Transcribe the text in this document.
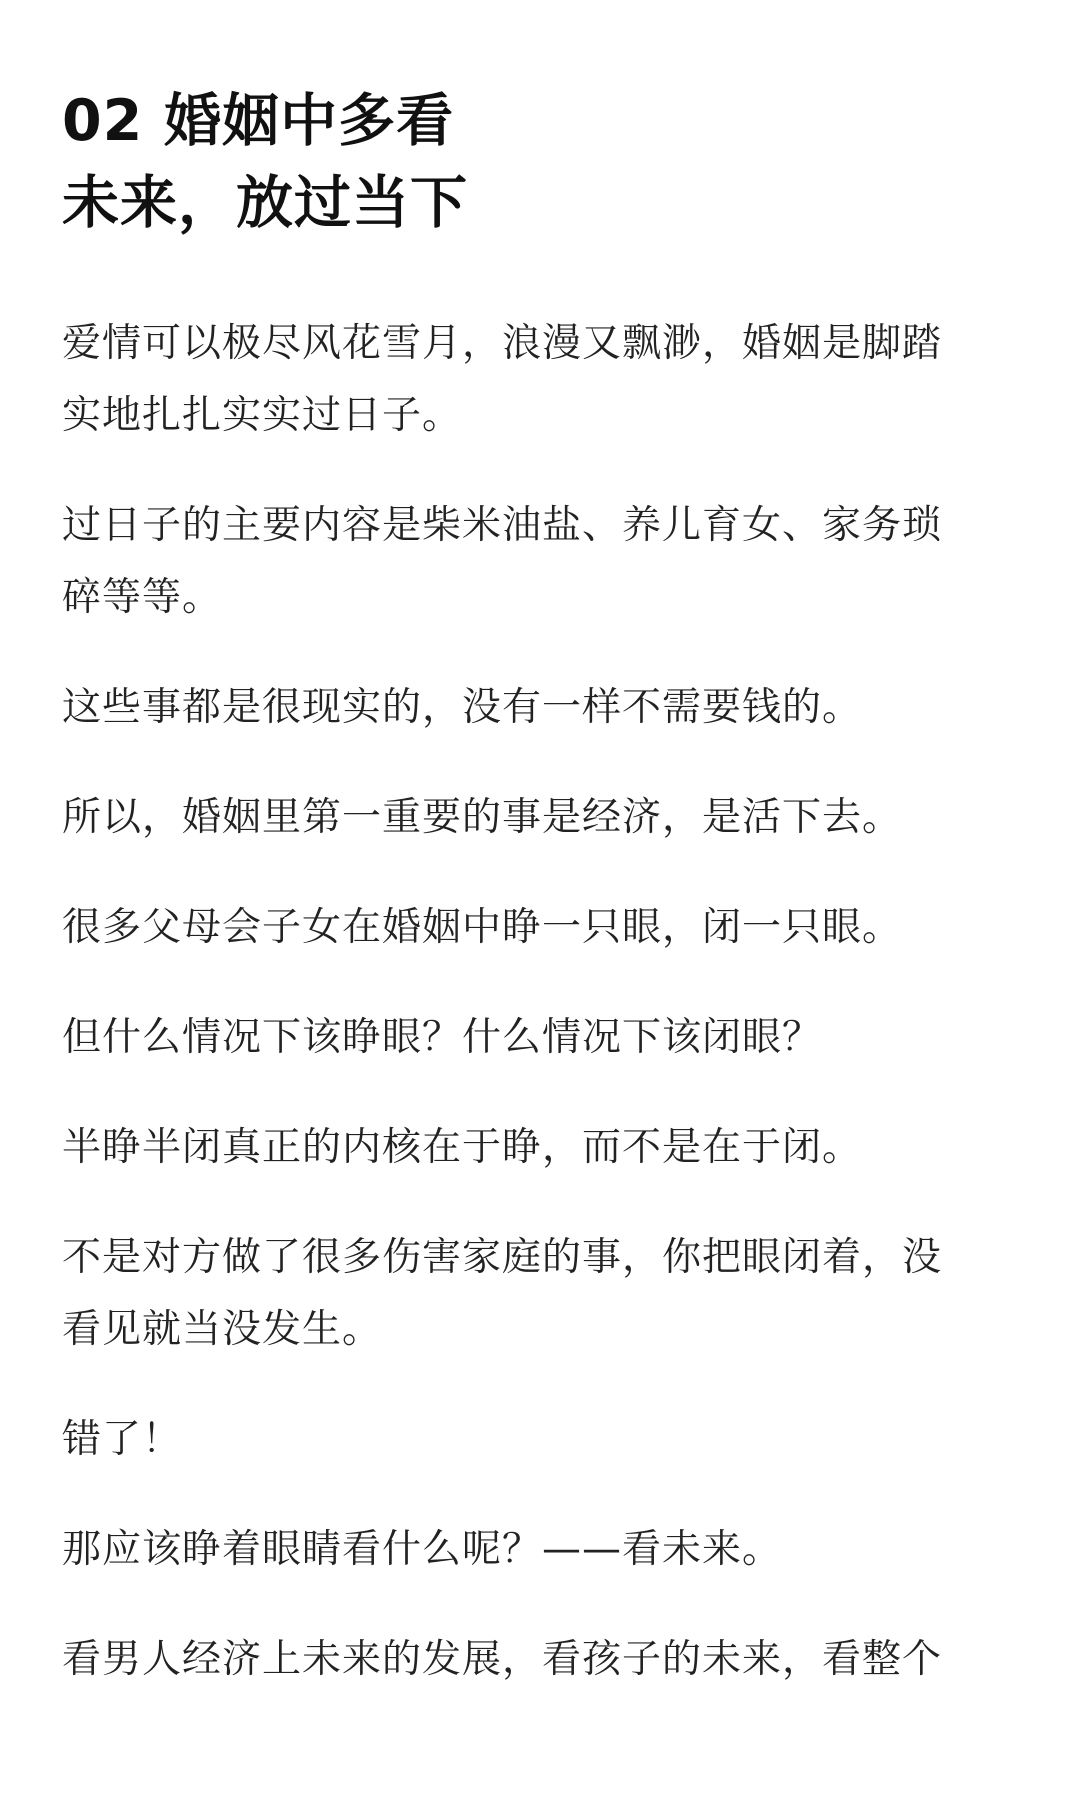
02 婚姻中多看
未来，放过当下

爱情可以极尽风花雪月，浪漫又飘渺，婚姻是脚踏
实地扎扎实实过日子。

过日子的主要内容是柴米油盐、养儿育女、家务琐
碎等等。

这些事都是很现实的，没有一样不需要钱的。

所以，婚姻里第一重要的事是经济，是活下去。

很多父母会子女在婚姻中睁一只眼，闭一只眼。

但什么情况下该睁眼？什么情况下该闭眼？

半睁半闭真正的内核在于睁，而不是在于闭。

不是对方做了很多伤害家庭的事，你把眼闭着，没
看见就当没发生。

错了！

那应该睁着眼睛看什么呢？——看未来。

看男人经济上未来的发展，看孩子的未来，看整个
